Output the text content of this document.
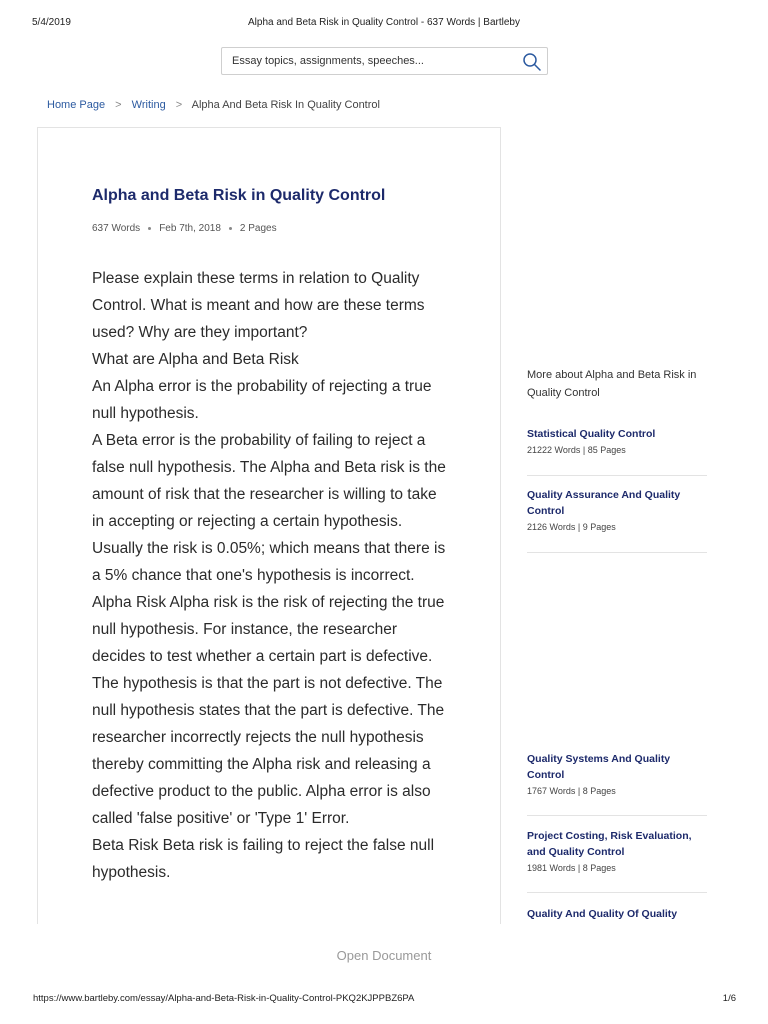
5/4/2019	Alpha and Beta Risk in Quality Control - 637 Words | Bartleby
Essay topics, assignments, speeches...
Home Page > Writing > Alpha And Beta Risk In Quality Control
Alpha and Beta Risk in Quality Control
637 Words Feb 7th, 2018 2 Pages

Please explain these terms in relation to Quality Control. What is meant and how are these terms used? Why are they important?

What are Alpha and Beta Risk

An Alpha error is the probability of rejecting a true null hypothesis.

A Beta error is the probability of failing to reject a false null hypothesis. The Alpha and Beta risk is the amount of risk that the researcher is willing to take in accepting or rejecting a certain hypothesis. Usually the risk is 0.05%; which means that there is a 5% chance that one's hypothesis is incorrect.

Alpha Risk Alpha risk is the risk of rejecting the true null hypothesis. For instance, the researcher decides to test whether a certain part is defective. The hypothesis is that the part is not defective. The null hypothesis states that the part is defective. The researcher incorrectly rejects the null hypothesis thereby committing the Alpha risk and releasing a defective product to the public. Alpha error is also called 'false positive' or 'Type 1' Error.

Beta Risk Beta risk is failing to reject the false null hypothesis.

More about Alpha and Beta Risk in Quality Control
Statistical Quality Control
21222 Words | 85 Pages
Quality Assurance And Quality Control
2126 Words | 9 Pages
Quality Systems And Quality Control
1767 Words | 8 Pages
Project Costing, Risk Evaluation, and Quality Control
1981 Words | 8 Pages
Quality And Quality Of Quality
Open Document
https://www.bartleby.com/essay/Alpha-and-Beta-Risk-in-Quality-Control-PKQ2KJPPBZ6PA	1/6
